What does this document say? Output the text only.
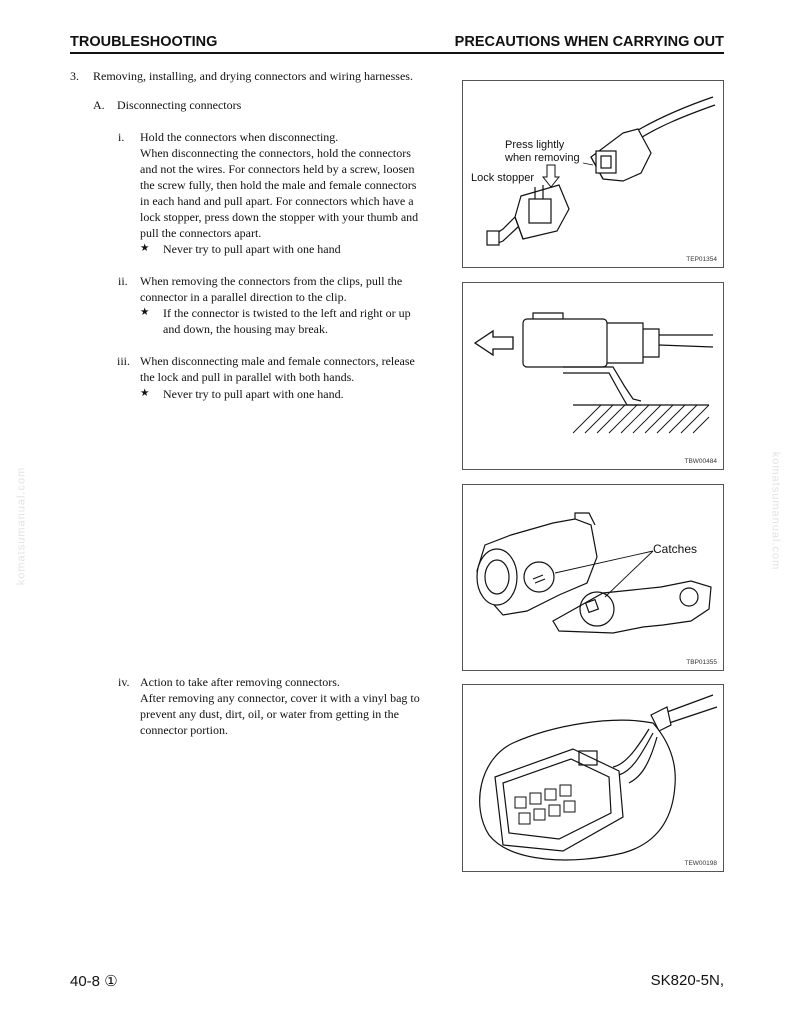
TROUBLESHOOTING	PRECAUTIONS WHEN CARRYING OUT
3. Removing, installing, and drying connectors and wiring harnesses.
A. Disconnecting connectors
i. Hold the connectors when disconnecting.

When disconnecting the connectors, hold the connectors

and not the wires. For connectors held by a screw, loosen

the screw fully, then hold the male and female connectors

in each hand and pull apart. For connectors which have a

lock stopper, press down the stopper with your thumb and

pull the connectors apart.

★ Never try to pull apart with one hand

ii. When removing the connectors from the clips, pull the

connector in a parallel direction to the clip.

★ If the connector is twisted to the left and right or up

and down, the housing may break.

iii. When disconnecting male and female connectors, release

the lock and pull in parallel with both hands.

★ Never try to pull apart with one hand.

iv. Action to take after removing connectors.

After removing any connector, cover it with a vinyl bag to

prevent any dust, dirt, oil, or water from getting in the

connector portion.

Press lightly
when removing
Lock stopper
TEP01354
TBW00484
Catches
TBP01355
TEW00198
komatsumanual.com	komatsumanual.com
40-8 ①	SK820-5N,
